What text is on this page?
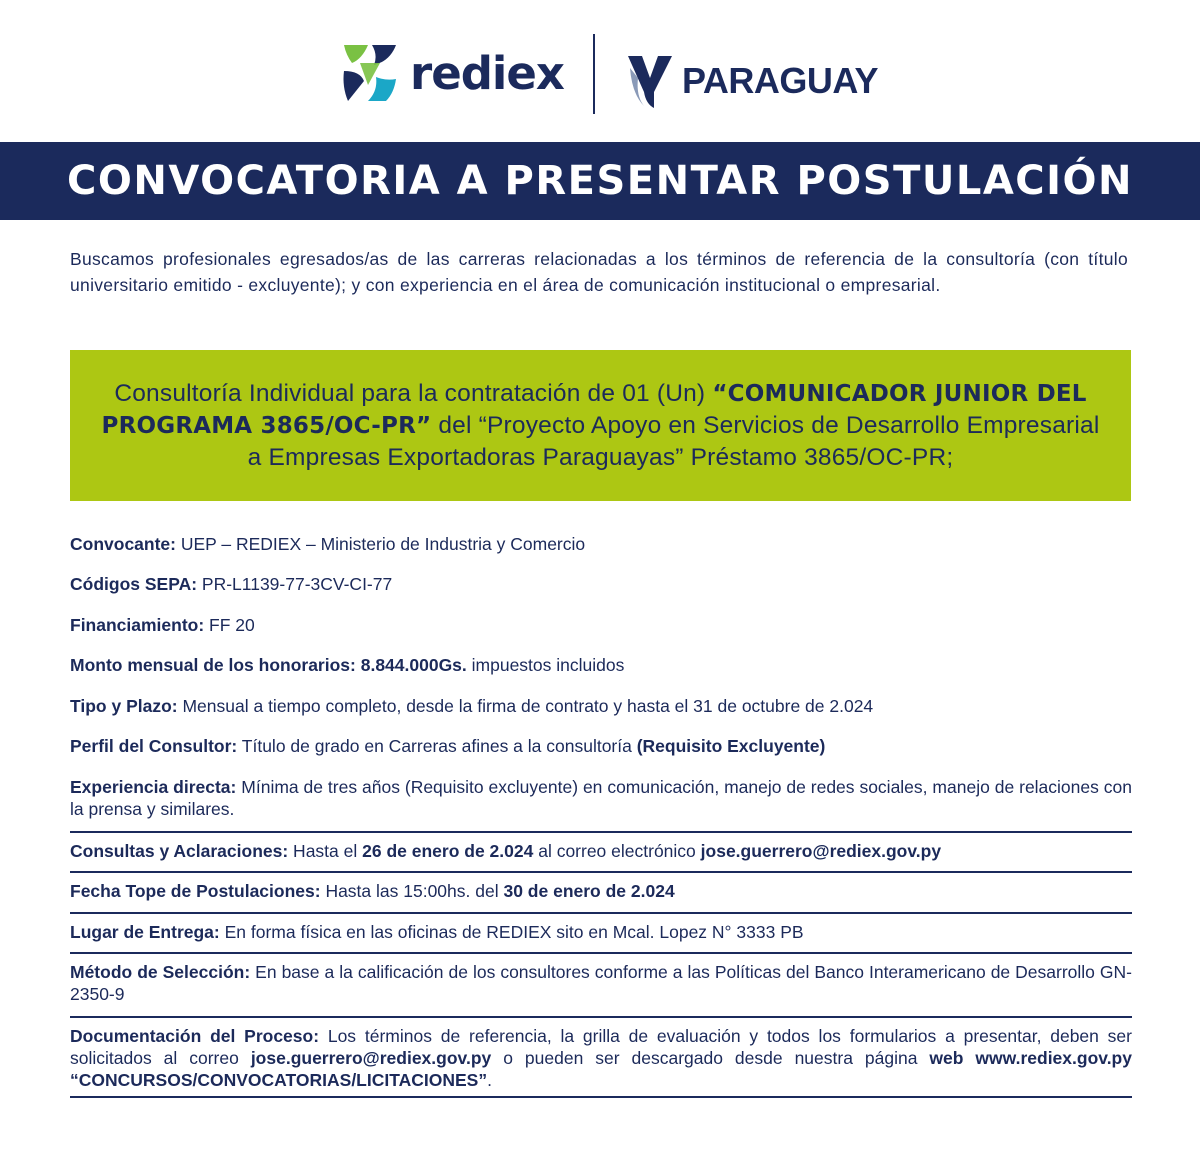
rediex	PARAGUAY
CONVOCATORIA A PRESENTAR POSTULACIÓN
Buscamos profesionales egresados/as de las carreras relacionadas a los términos de referencia de la consultoría (con título universitario emitido - excluyente); y con experiencia en el área de comunicación institucional o empresarial.
Consultoría Individual para la contratación de 01 (Un) “COMUNICADOR JUNIOR DEL PROGRAMA 3865/OC-PR” del “Proyecto Apoyo en Servicios de Desarrollo Empresarial a Empresas Exportadoras Paraguayas” Préstamo 3865/OC-PR;
Convocante: UEP – REDIEX – Ministerio de Industria y Comercio
Códigos SEPA: PR-L1139-77-3CV-CI-77
Financiamiento: FF 20
Monto mensual de los honorarios: 8.844.000Gs. impuestos incluidos
Tipo y Plazo: Mensual a tiempo completo, desde la firma de contrato y hasta el 31 de octubre de 2.024
Perfil del Consultor: Título de grado en Carreras afines a la consultoría (Requisito Excluyente)
Experiencia directa: Mínima de tres años (Requisito excluyente) en comunicación, manejo de redes sociales, manejo de relaciones con la prensa y similares.
Consultas y Aclaraciones: Hasta el 26 de enero de 2.024 al correo electrónico jose.guerrero@rediex.gov.py
Fecha Tope de Postulaciones: Hasta las 15:00hs. del 30 de enero de 2.024
Lugar de Entrega: En forma física en las oficinas de REDIEX sito en Mcal. Lopez N° 3333 PB
Método de Selección: En base a la calificación de los consultores conforme a las Políticas del Banco Interamericano de Desarrollo GN-2350-9
Documentación del Proceso: Los términos de referencia, la grilla de evaluación y todos los formularios a presentar, deben ser solicitados al correo jose.guerrero@rediex.gov.py o pueden ser descargado desde nuestra página web www.rediex.gov.py “CONCURSOS/CONVOCATORIAS/LICITACIONES”.
